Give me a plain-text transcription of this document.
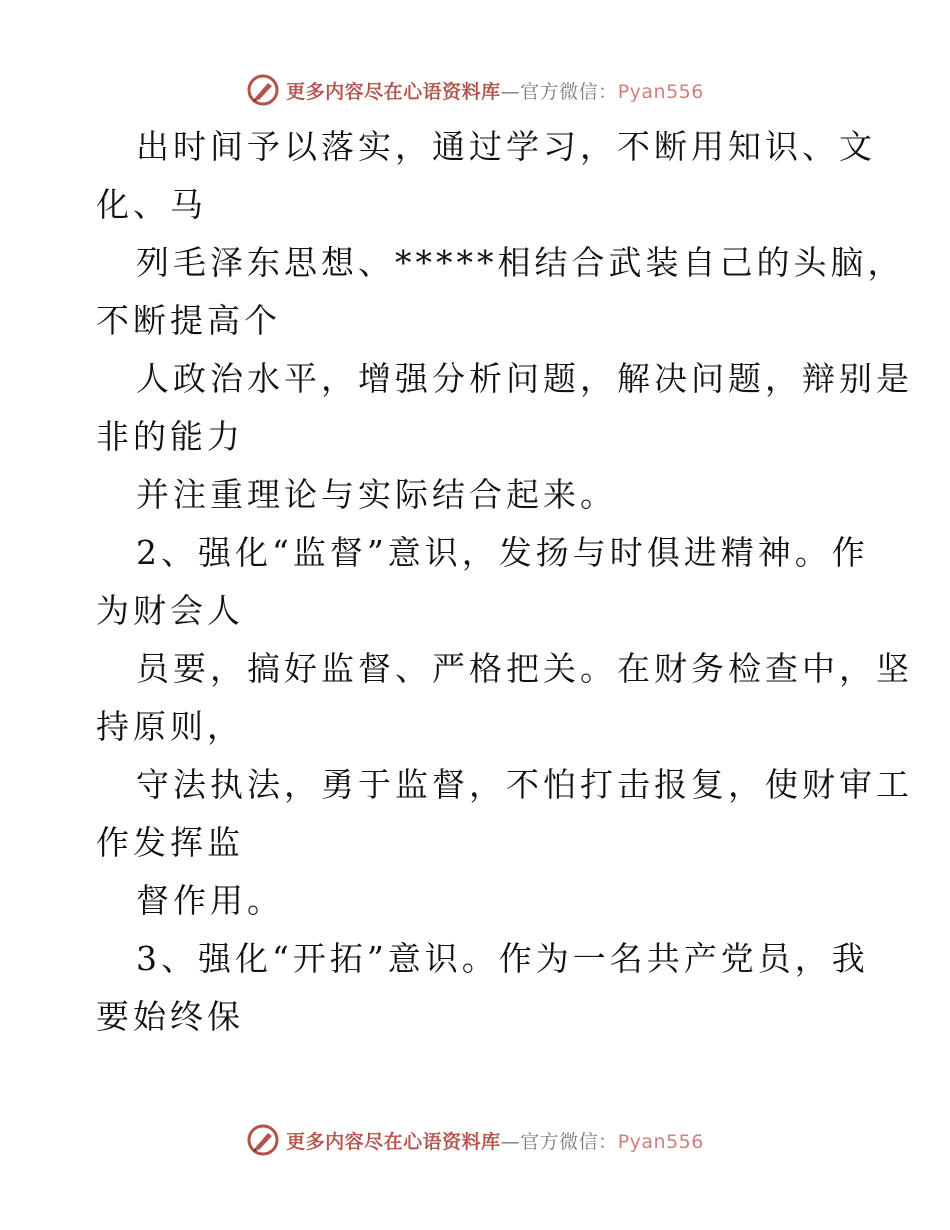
更多内容尽在心语资料库—官方微信：Pyan556
出时间予以落实，通过学习，不断用知识、文
化、马
列毛泽东思想、*****相结合武装自己的头脑，
不断提高个
人政治水平，增强分析问题，解决问题，辩别是
非的能力
并注重理论与实际结合起来。
2、强化“监督”意识，发扬与时俱进精神。作
为财会人
员要，搞好监督、严格把关。在财务检查中，坚
持原则，
守法执法，勇于监督，不怕打击报复，使财审工
作发挥监
督作用。
3、强化“开拓”意识。作为一名共产党员，我
要始终保
更多内容尽在心语资料库—官方微信：Pyan556
